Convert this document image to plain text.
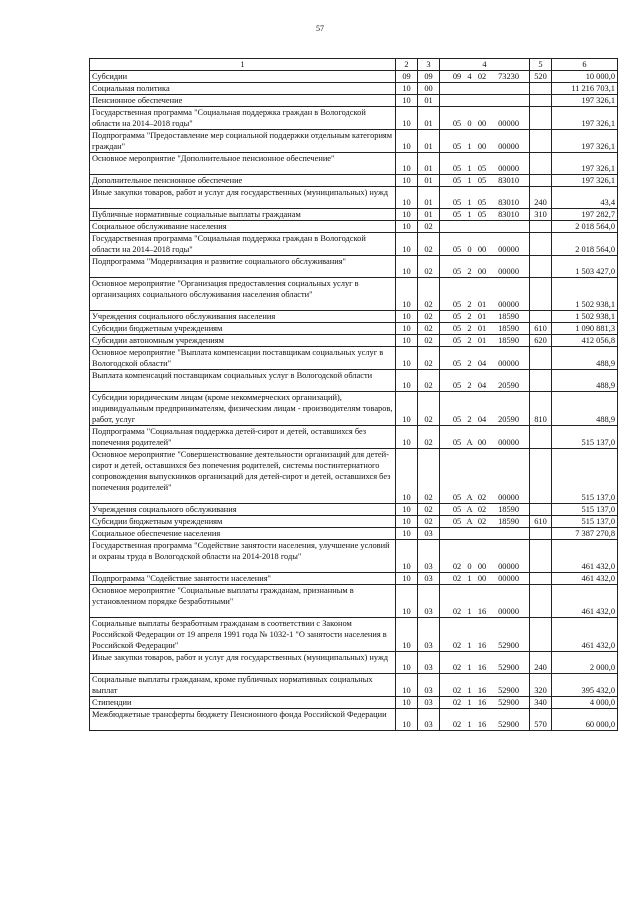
57
1	2	3	4	5	6
Субсидии	09	09	09 4 02 73230	520	10 000,0
Социальная политика	10	00			11 216 703,1
Пенсионное обеспечение	10	01			197 326,1
Государственная программа "Социальная поддержка граждан в Вологодской области на 2014–2018 годы"	10	01	05 0 00 00000		197 326,1
Подпрограмма "Предоставление мер социальной поддержки отдельным категориям граждан"	10	01	05 1 00 00000		197 326,1
Основное мероприятие "Дополнительное пенсионное обеспечение"	10	01	05 1 05 00000		197 326,1
Дополнительное пенсионное обеспечение	10	01	05 1 05 83010		197 326,1
Иные закупки товаров, работ и услуг для государственных (муниципальных) нужд	10	01	05 1 05 83010	240	43,4
Публичные нормативные социальные выплаты гражданам	10	01	05 1 05 83010	310	197 282,7
Социальное обслуживание населения	10	02			2 018 564,0
Государственная программа "Социальная поддержка граждан в Вологодской области на 2014–2018 годы"	10	02	05 0 00 00000		2 018 564,0
Подпрограмма "Модернизация и развитие социального обслуживания"	10	02	05 2 00 00000		1 503 427,0
Основное мероприятие "Организация предоставления социальных услуг в организациях социального обслуживания населения области"	10	02	05 2 01 00000		1 502 938,1
Учреждения социального обслуживания населения	10	02	05 2 01 18590		1 502 938,1
Субсидии бюджетным учреждениям	10	02	05 2 01 18590	610	1 090 881,3
Субсидии автономным учреждениям	10	02	05 2 01 18590	620	412 056,8
Основное мероприятие "Выплата компенсации поставщикам социальных услуг в Вологодской области"	10	02	05 2 04 00000		488,9
Выплата компенсаций поставщикам социальных услуг в Вологодской области	10	02	05 2 04 20590		488,9
Субсидии юридическим лицам (кроме некоммерческих организаций), индивидуальным предпринимателям, физическим лицам - производителям товаров, работ, услуг	10	02	05 2 04 20590	810	488,9
Подпрограмма "Социальная поддержка детей-сирот и детей, оставшихся без попечения родителей"	10	02	05 А 00 00000		515 137,0
Основное мероприятие "Совершенствование деятельности организаций для детей-сирот и детей, оставшихся без попечения родителей, системы постинтернатного сопровождения выпускников организаций для детей-сирот и детей, оставшихся без попечения родителей"	10	02	05 А 02 00000		515 137,0
Учреждения социального обслуживания	10	02	05 А 02 18590		515 137,0
Субсидии бюджетным учреждениям	10	02	05 А 02 18590	610	515 137,0
Социальное обеспечение населения	10	03			7 387 270,8
Государственная программа "Содействие занятости населения, улучшение условий и охраны труда в Вологодской области на 2014-2018 годы"	10	03	02 0 00 00000		461 432,0
Подпрограмма "Содействие занятости населения"	10	03	02 1 00 00000		461 432,0
Основное мероприятие "Социальные выплаты гражданам, признанным в установленном порядке безработными"	10	03	02 1 16 00000		461 432,0
Социальные выплаты безработным гражданам в соответствии с Законом Российской Федерации от 19 апреля 1991 года № 1032-1 "О занятости населения в Российской Федерации"	10	03	02 1 16 52900		461 432,0
Иные закупки товаров, работ и услуг для государственных (муниципальных) нужд	10	03	02 1 16 52900	240	2 000,0
Социальные выплаты гражданам, кроме публичных нормативных социальных выплат	10	03	02 1 16 52900	320	395 432,0
Стипендии	10	03	02 1 16 52900	340	4 000,0
Межбюджетные трансферты бюджету Пенсионного фонда Российской Федерации	10	03	02 1 16 52900	570	60 000,0
